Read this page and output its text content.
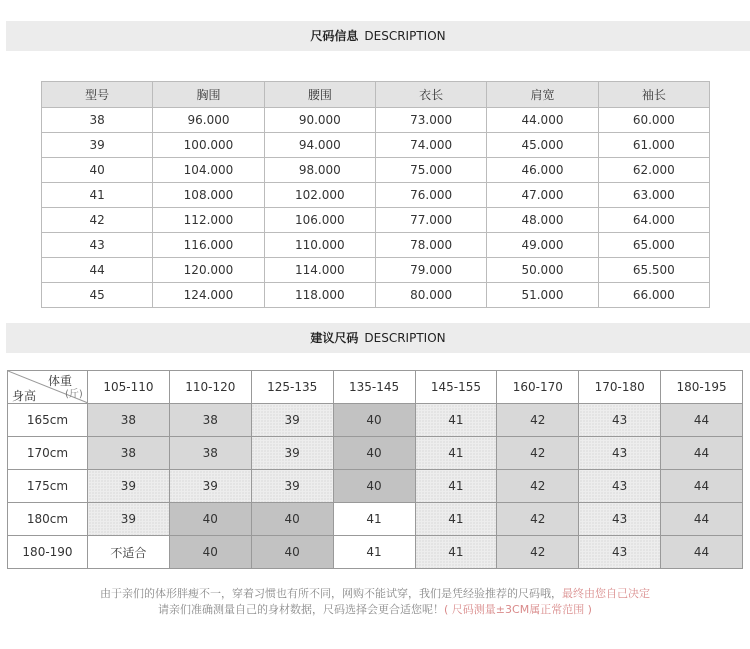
尺码信息 DESCRIPTION
型号	胸围	腰围	衣长	肩宽	袖长
38	96.000	90.000	73.000	44.000	60.000
39	100.000	94.000	74.000	45.000	61.000
40	104.000	98.000	75.000	46.000	62.000
41	108.000	102.000	76.000	47.000	63.000
42	112.000	106.000	77.000	48.000	64.000
43	116.000	110.000	78.000	49.000	65.000
44	120.000	114.000	79.000	50.000	65.500
45	124.000	118.000	80.000	51.000	66.000
建议尺码 DESCRIPTION
体重
(斤)
身高	105-110	110-120	125-135	135-145	145-155	160-170	170-180	180-195
165cm	38	38	39	40	41	42	43	44
170cm	38	38	39	40	41	42	43	44
175cm	39	39	39	40	41	42	43	44
180cm	39	40	40	41	41	42	43	44
180-190	不适合	40	40	41	41	42	43	44
由于亲们的体形胖瘦不一，穿着习惯也有所不同，网购不能试穿，我们是凭经验推荐的尺码哦，最终由您自己决定
请亲们准确测量自己的身材数据，尺码选择会更合适您呢！( 尺码测量±3CM属正常范围 )
